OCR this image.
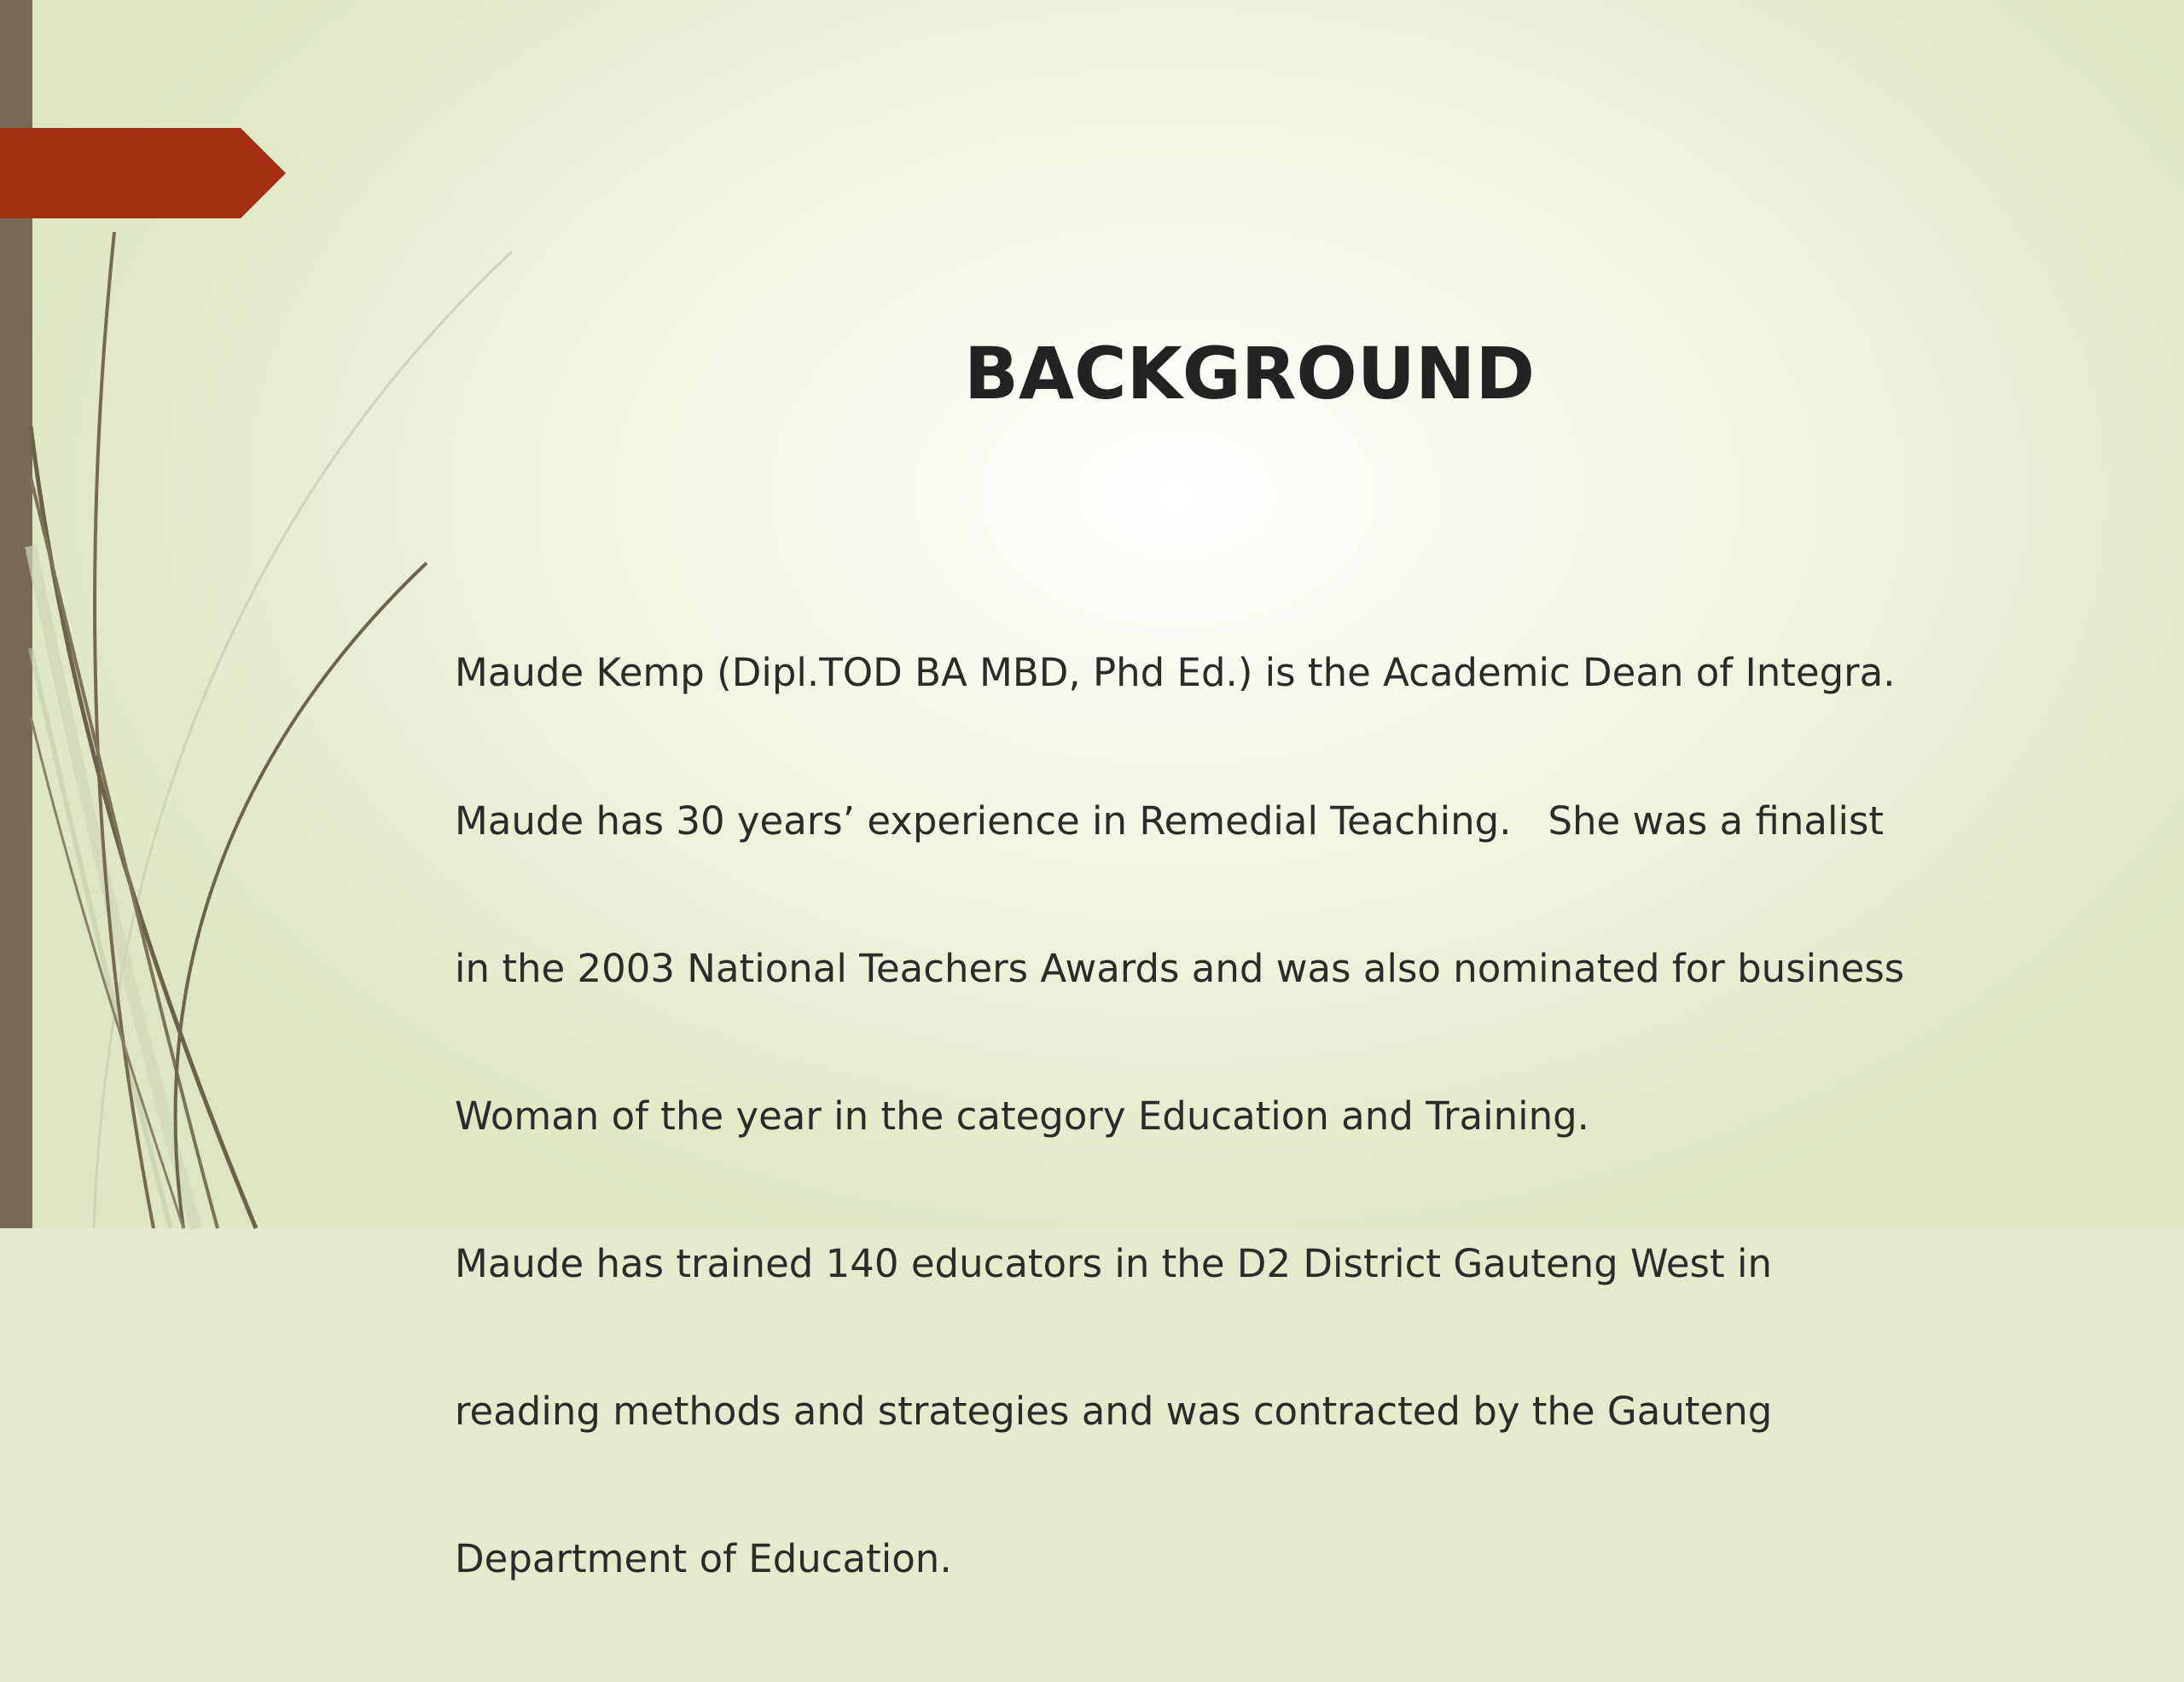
BACKGROUND

Maude Kemp (Dipl.TOD BA MBD, Phd Ed.) is the Academic Dean of Integra.

Maude has 30 years’ experience in Remedial Teaching.   She was a finalist

in the 2003 National Teachers Awards and was also nominated for business

Woman of the year in the category Education and Training.

Maude has trained 140 educators in the D2 District Gauteng West in

reading methods and strategies and was contracted by the Gauteng

Department of Education.
